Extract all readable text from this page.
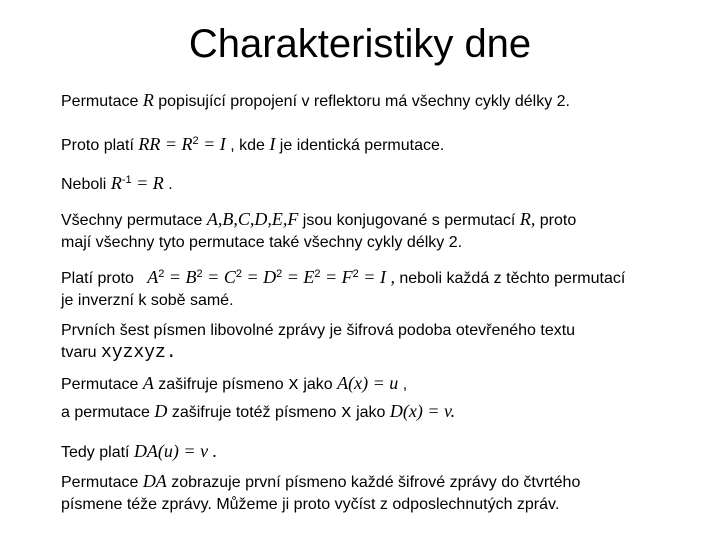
Charakteristiky dne
Permutace R popisující propojení v reflektoru má všechny cykly délky 2.
Proto platí RR = $R^2 = I$ , kde I je identická permutace.
Neboli $R^{-1} = R$ .
Všechny permutace A,B,C,D,E,F jsou konjugované s permutací R, proto
mají všechny tyto permutace také všechny cykly délky 2.
Platí proto   $A^2 = B^2 = C^2 = D^2 = E^2 = F^2 = I$ , neboli každá z těchto permutací
je inverzní k sobě samé.
Prvních šest písmen libovolné zprávy je šifrová podoba otevřeného textu
tvaru xyzxyz.
Permutace A zašifruje písmeno x jako A(x) = u ,
a permutace D zašifruje totéž písmeno x jako D(x) = v.
Tedy platí DA(u) = v .
Permutace DA zobrazuje první písmeno každé šifrové zprávy do čtvrtého
písmene téže zprávy. Můžeme ji proto vyčíst z odposlechnutých zpráv.
